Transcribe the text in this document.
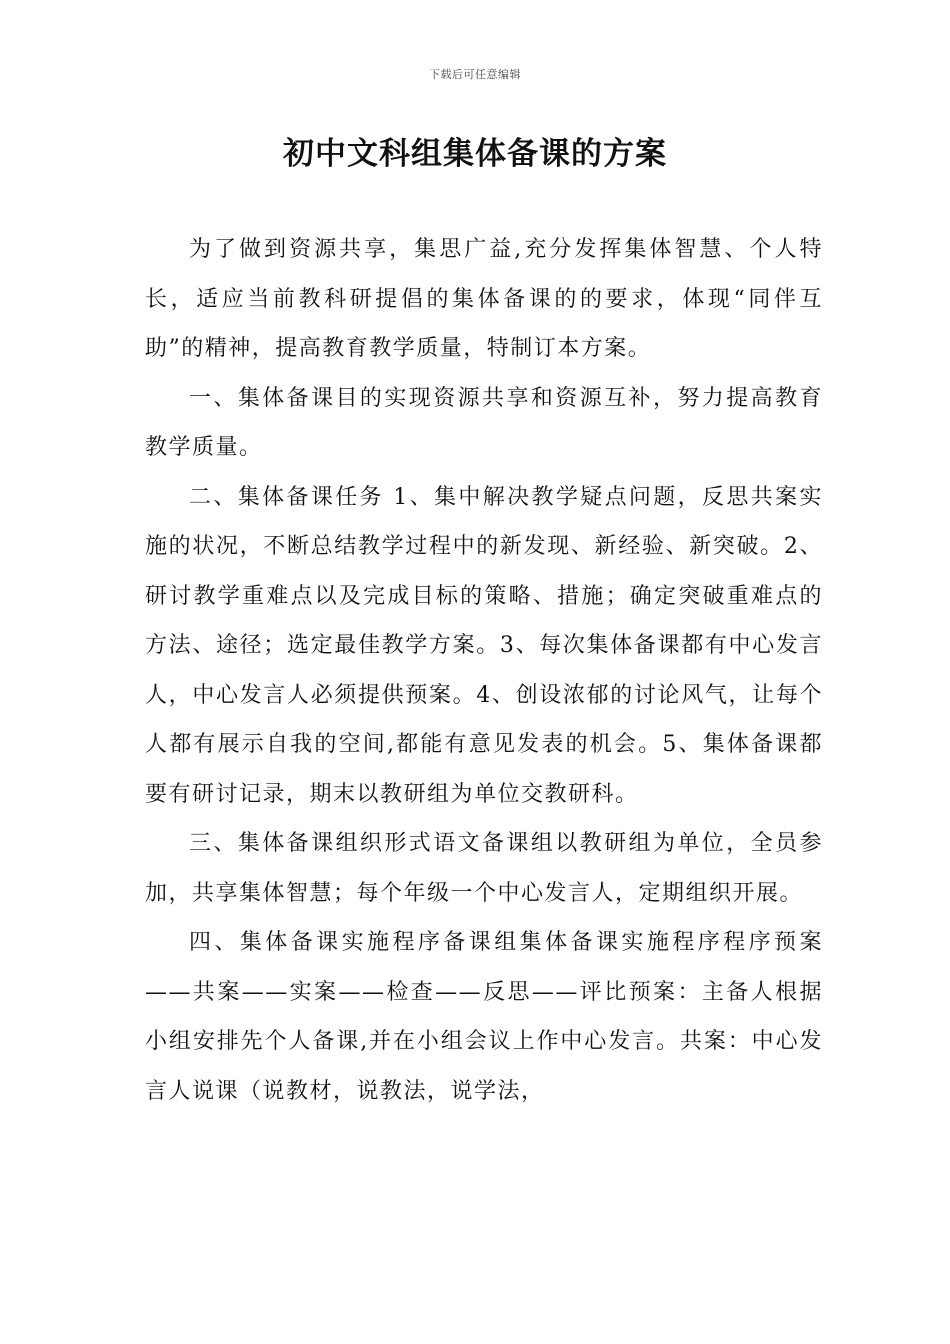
下载后可任意编辑
初中文科组集体备课的方案

为了做到资源共享，集思广益,充分发挥集体智慧、个人特长，适应当前教科研提倡的集体备课的的要求，体现“同伴互助”的精神，提高教育教学质量，特制订本方案。

一、集体备课目的实现资源共享和资源互补，努力提高教育教学质量。

二、集体备课任务 1、集中解决教学疑点问题，反思共案实施的状况，不断总结教学过程中的新发现、新经验、新突破。2、研讨教学重难点以及完成目标的策略、措施；确定突破重难点的方法、途径；选定最佳教学方案。3、每次集体备课都有中心发言人，中心发言人必须提供预案。4、创设浓郁的讨论风气，让每个人都有展示自我的空间,都能有意见发表的机会。5、集体备课都要有研讨记录，期末以教研组为单位交教研科。

三、集体备课组织形式语文备课组以教研组为单位，全员参加，共享集体智慧；每个年级一个中心发言人，定期组织开展。

四、集体备课实施程序备课组集体备课实施程序程序预案——共案——实案——检查——反思——评比预案：主备人根据小组安排先个人备课,并在小组会议上作中心发言。共案：中心发言人说课（说教材，说教法，说学法，
